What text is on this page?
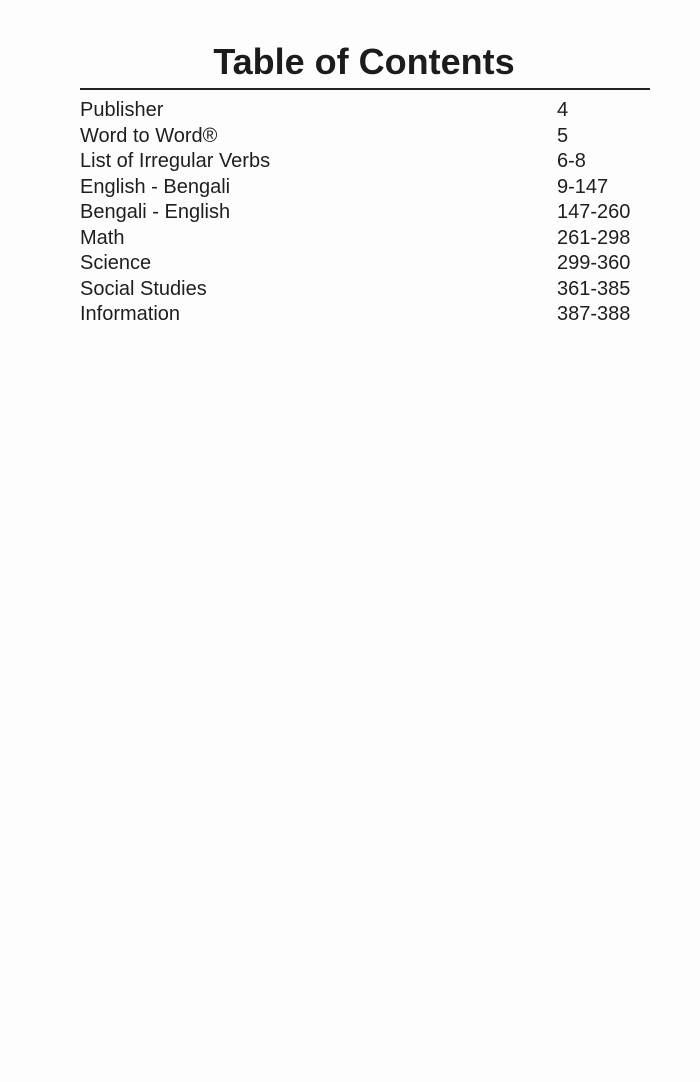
Table of Contents
Publisher	4
Word to Word®	5
List of Irregular Verbs	6-8
English - Bengali	9-147
Bengali - English	147-260
Math	261-298
Science	299-360
Social Studies	361-385
Information	387-388
